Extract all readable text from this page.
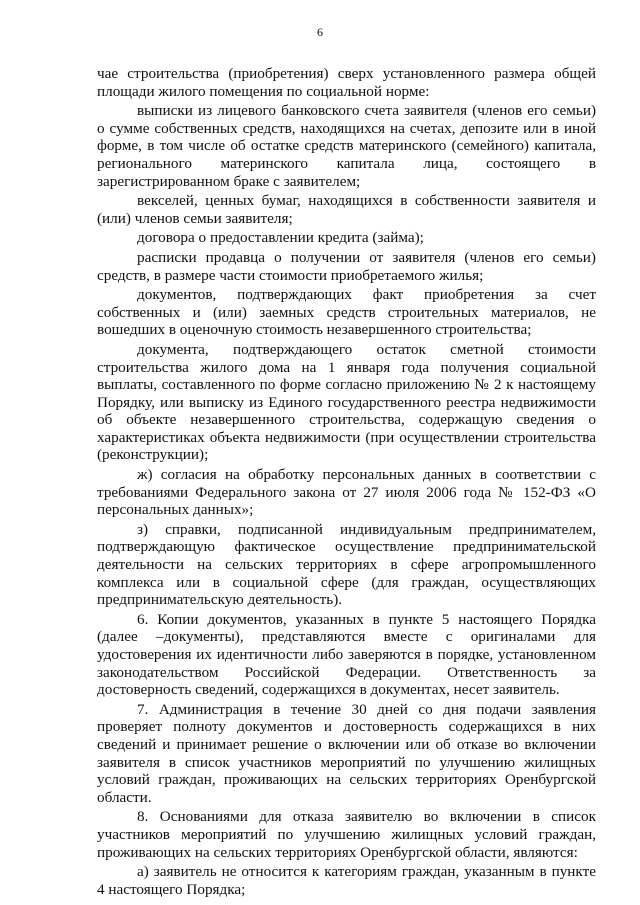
6

чае строительства (приобретения) сверх установленного размера общей площади жилого помещения по социальной норме:

выписки из лицевого банковского счета заявителя (членов его семьи) о сумме собственных средств, находящихся на счетах, депозите или в иной форме, в том числе об остатке средств материнского (семейного) капитала, регионального материнского капитала лица, состоящего в зарегистрированном браке с заявителем;

векселей, ценных бумаг, находящихся в собственности заявителя и (или) членов семьи заявителя;

договора о предоставлении кредита (займа);

расписки продавца о получении от заявителя (членов его семьи) средств, в размере части стоимости приобретаемого жилья;

документов, подтверждающих факт приобретения за счет собственных и (или) заемных средств строительных материалов, не вошедших в оценочную стоимость незавершенного строительства;

документа, подтверждающего остаток сметной стоимости строительства жилого дома на 1 января года получения социальной выплаты, составленного по форме согласно приложению № 2 к настоящему Порядку, или выписку из Единого государственного реестра недвижимости об объекте незавершенного строительства, содержащую сведения о характеристиках объекта недвижимости (при осуществлении строительства (реконструкции);

ж) согласия на обработку персональных данных в соответствии с требованиями Федерального закона от 27 июля 2006 года № 152-ФЗ «О персональных данных»;

з) справки, подписанной индивидуальным предпринимателем, подтверждающую фактическое осуществление предпринимательской деятельности на сельских территориях в сфере агропромышленного комплекса или в социальной сфере (для граждан, осуществляющих предпринимательскую деятельность).

6. Копии документов, указанных в пункте 5 настоящего Порядка (далее –документы), представляются вместе с оригиналами для удостоверения их идентичности либо заверяются в порядке, установленном законодательством Российской Федерации. Ответственность за достоверность сведений, содержащихся в документах, несет заявитель.

7. Администрация в течение 30 дней со дня подачи заявления проверяет полноту документов и достоверность содержащихся в них сведений и принимает решение о включении или об отказе во включении заявителя в список участников мероприятий по улучшению жилищных условий граждан, проживающих на сельских территориях Оренбургской области.

8. Основаниями для отказа заявителю во включении в список участников мероприятий по улучшению жилищных условий граждан, проживающих на сельских территориях Оренбургской области, являются:

а) заявитель не относится к категориям граждан, указанным в пункте 4 настоящего Порядка;
